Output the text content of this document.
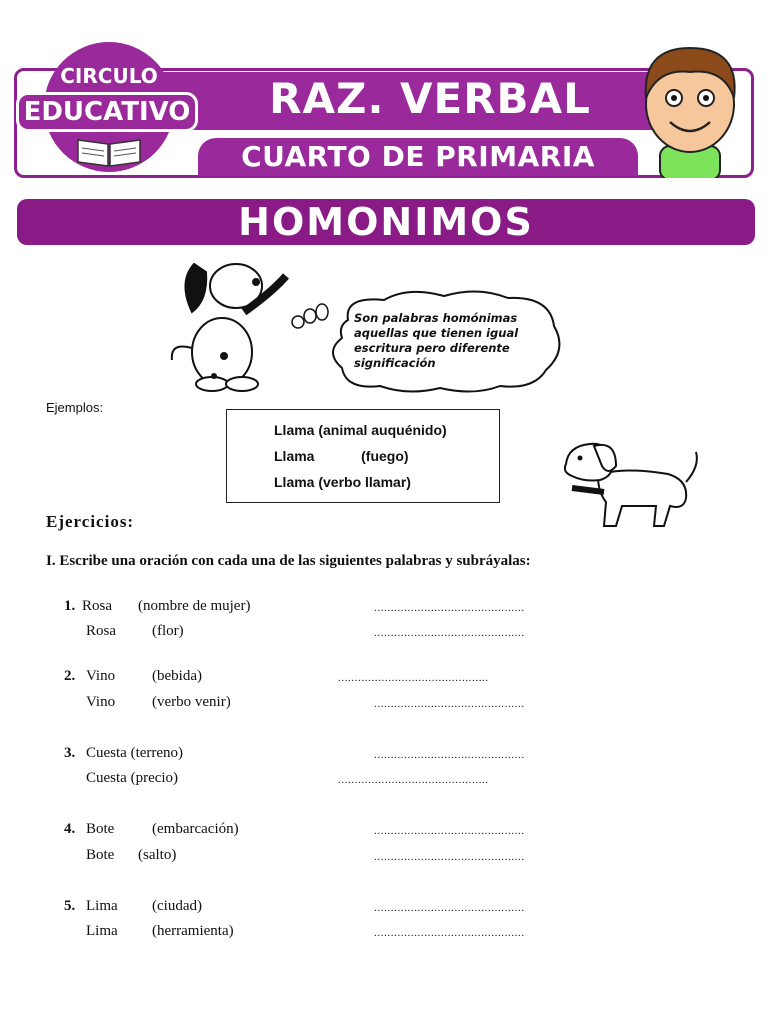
RAZ. VERBAL
CUARTO DE PRIMARIA
CIRCULO
EDUCATIVO
HOMONIMOS
Son palabras homónimas
aquellas que tienen igual
escritura pero diferente
significación
Ejemplos:
Llama (animal auquénido)
Llama            (fuego)
Llama (verbo llamar)
Ejercicios:
I. Escribe una oración con cada una de las siguientes palabras y subráyalas:
1. Rosa (nombre de mujer)	.............................................
Rosa (flor)	.............................................
2. Vino (bebida)	.............................................
Vino (verbo venir)	.............................................
3. Cuesta (terreno)	.............................................
Cuesta (precio)	.............................................
4. Bote	(embarcación)	.............................................
Bote (salto)	.............................................
5. Lima (ciudad)	.............................................
Lima (herramienta)	.............................................
